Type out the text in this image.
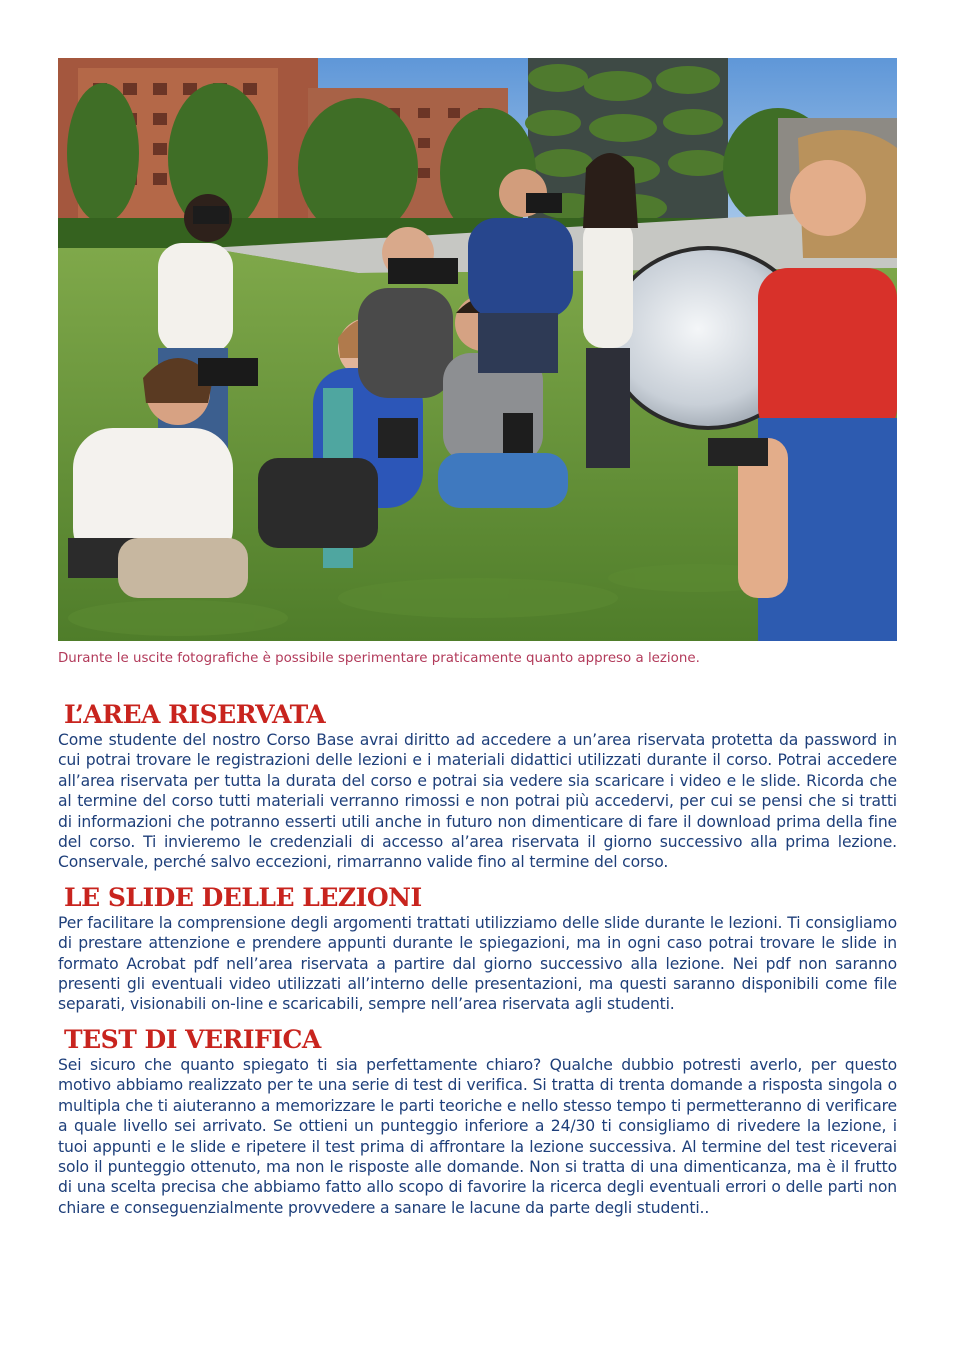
Durante le uscite fotografiche è possibile sperimentare praticamente quanto appreso a lezione.
L’AREA RISERVATA

Come studente del nostro Corso Base avrai diritto ad accedere a un’area riservata protetta da password in cui potrai trovare le registrazioni delle lezioni e i materiali didattici utilizzati durante il corso. Potrai accedere all’area riservata per tutta la durata del corso e potrai sia vedere sia scaricare i video e le slide. Ricorda che al termine del corso tutti materiali verranno rimossi e non potrai più accedervi, per cui se pensi che si tratti di informazioni che potranno esserti utili anche in futuro non dimenticare di fare il download prima della fine del corso. Ti invieremo le credenziali di accesso al’area riservata il giorno successivo alla prima lezione. Conservale, perché salvo eccezioni, rimarranno valide fino al termine del corso.

LE SLIDE DELLE LEZIONI

Per facilitare la comprensione degli argomenti trattati utilizziamo delle slide durante le lezioni. Ti consigliamo di prestare attenzione e prendere appunti durante le spiegazioni, ma in ogni caso potrai trovare le slide in formato Acrobat pdf nell’area riservata a partire dal giorno successivo alla lezione. Nei pdf non saranno presenti gli eventuali video utilizzati all’interno delle presentazioni, ma questi saranno disponibili come file separati, visionabili on-line e scaricabili, sempre nell’area riservata agli studenti.

TEST DI VERIFICA

Sei sicuro che quanto spiegato ti sia perfettamente chiaro? Qualche dubbio potresti averlo, per questo motivo abbiamo realizzato per te una serie di test di verifica. Si tratta di trenta domande a risposta singola o multipla che ti aiuteranno a memorizzare le parti teoriche e nello stesso tempo ti permetteranno di verificare a quale livello sei arrivato. Se ottieni un punteggio inferiore a 24/30 ti consigliamo di rivedere la lezione, i tuoi appunti e le slide e ripetere il test prima di affrontare la lezione successiva. Al termine del test riceverai solo il punteggio ottenuto, ma non le risposte alle domande. Non si tratta di una dimenticanza, ma è il frutto di una scelta precisa che abbiamo fatto allo scopo di favorire la ricerca degli eventuali errori o delle parti non chiare e conseguenzialmente provvedere a sanare le lacune da parte degli studenti..
